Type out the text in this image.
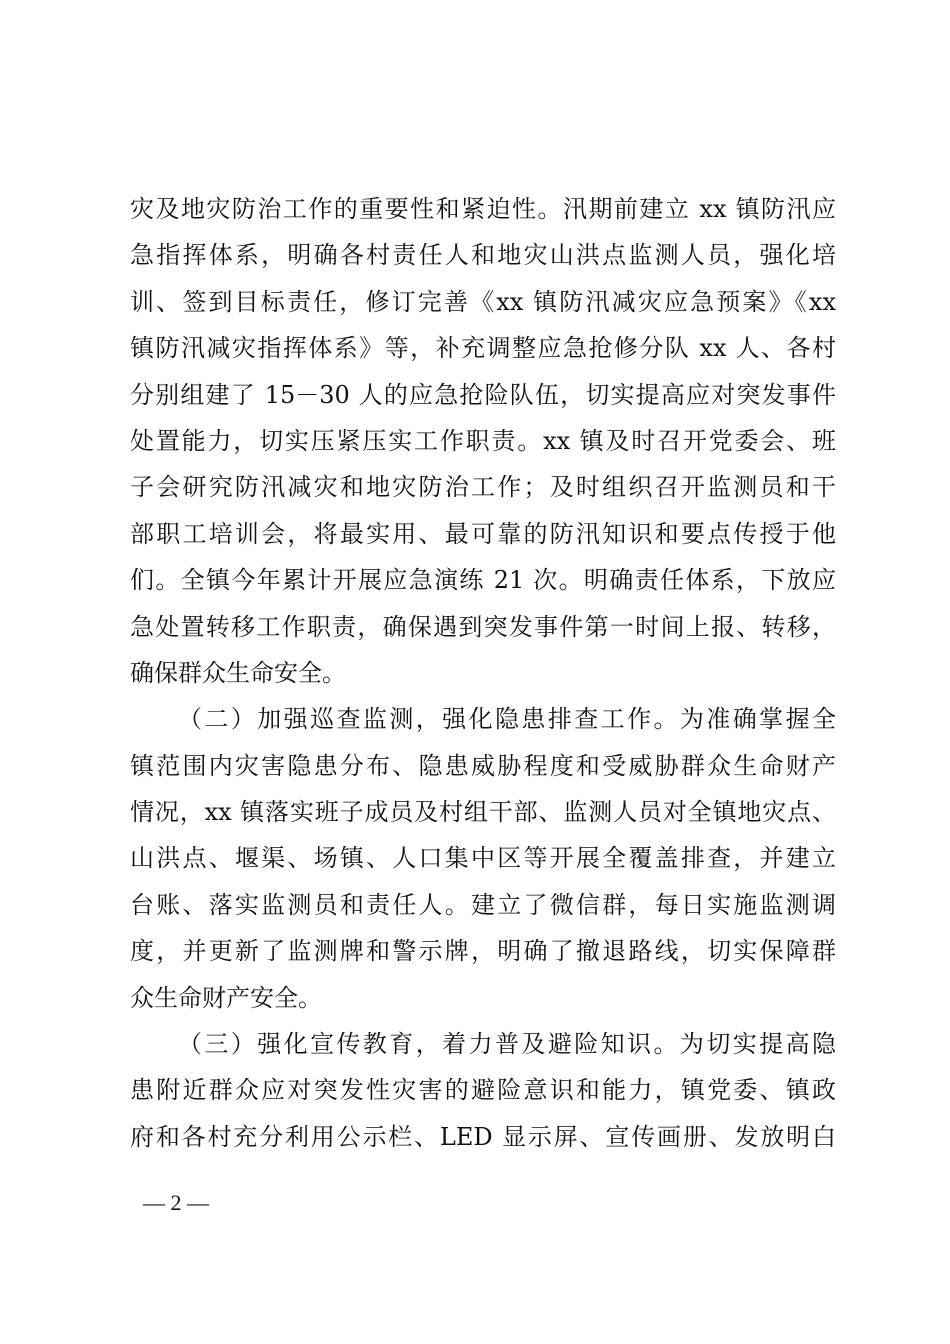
灾及地灾防治工作的重要性和紧迫性。汛期前建立 xx 镇防汛应
急指挥体系，明确各村责任人和地灾山洪点监测人员，强化培
训、签到目标责任，修订完善《xx 镇防汛减灾应急预案》《xx
镇防汛减灾指挥体系》等，补充调整应急抢修分队 xx 人、各村
分别组建了 15－30 人的应急抢险队伍，切实提高应对突发事件
处置能力，切实压紧压实工作职责。xx 镇及时召开党委会、班
子会研究防汛减灾和地灾防治工作；及时组织召开监测员和干
部职工培训会，将最实用、最可靠的防汛知识和要点传授于他
们。全镇今年累计开展应急演练 21 次。明确责任体系，下放应
急处置转移工作职责，确保遇到突发事件第一时间上报、转移，
确保群众生命安全。
（二）加强巡查监测，强化隐患排查工作。为准确掌握全
镇范围内灾害隐患分布、隐患威胁程度和受威胁群众生命财产
情况，xx 镇落实班子成员及村组干部、监测人员对全镇地灾点、
山洪点、堰渠、场镇、人口集中区等开展全覆盖排查，并建立
台账、落实监测员和责任人。建立了微信群，每日实施监测调
度，并更新了监测牌和警示牌，明确了撤退路线，切实保障群
众生命财产安全。
（三）强化宣传教育，着力普及避险知识。为切实提高隐
患附近群众应对突发性灾害的避险意识和能力，镇党委、镇政
府和各村充分利用公示栏、LED 显示屏、宣传画册、发放明白
— 2 —
